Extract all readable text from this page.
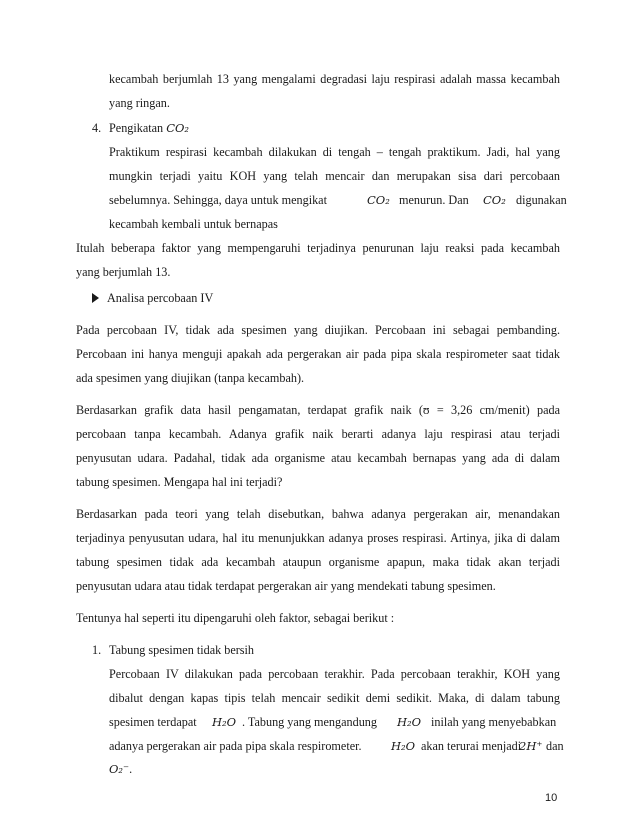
kecambah berjumlah 13 yang mengalami degradasi laju respirasi adalah massa kecambah
yang ringan.
4. Pengikatan CO₂
Praktikum respirasi kecambah dilakukan di tengah – tengah praktikum. Jadi, hal yang
mungkin terjadi yaitu KOH yang telah mencair dan merupakan sisa dari percobaan
sebelumnya. Sehingga, daya untuk mengikat	CO₂ menurun. Dan CO₂ digunakan
kecambah kembali untuk bernapas
Itulah beberapa faktor yang mempengaruhi terjadinya penurunan laju reaksi pada kecambah
yang berjumlah 13.
Analisa percobaan IV
Pada percobaan IV, tidak ada spesimen yang diujikan. Percobaan ini sebagai pembanding.
Percobaan ini hanya menguji apakah ada pergerakan air pada pipa skala respirometer saat tidak
ada spesimen yang diujikan (tanpa kecambah).
Berdasarkan grafik data hasil pengamatan, terdapat grafik naik (ʊ = 3,26 cm/menit) pada
percobaan tanpa kecambah. Adanya grafik naik berarti adanya laju respirasi atau terjadi
penyusutan udara. Padahal, tidak ada organisme atau kecambah bernapas yang ada di dalam
tabung spesimen. Mengapa hal ini terjadi?
Berdasarkan pada teori yang telah disebutkan, bahwa adanya pergerakan air, menandakan
terjadinya penyusutan udara, hal itu menunjukkan adanya proses respirasi. Artinya, jika di dalam
tabung spesimen tidak ada kecambah ataupun organisme apapun, maka tidak akan terjadi
penyusutan udara atau tidak terdapat pergerakan air yang mendekati tabung spesimen.
Tentunya hal seperti itu dipengaruhi oleh faktor, sebagai berikut :
1. Tabung spesimen tidak bersih
Percobaan IV dilakukan pada percobaan terakhir. Pada percobaan terakhir, KOH yang
dibalut dengan kapas tipis telah mencair sedikit demi sedikit. Maka, di dalam tabung
spesimen terdapat H₂O . Tabung yang mengandung H₂O inilah yang menyebabkan
adanya pergerakan air pada pipa skala respirometer.	H₂O akan terurai menjadi
2H⁺ dan
O₂⁻.
10
